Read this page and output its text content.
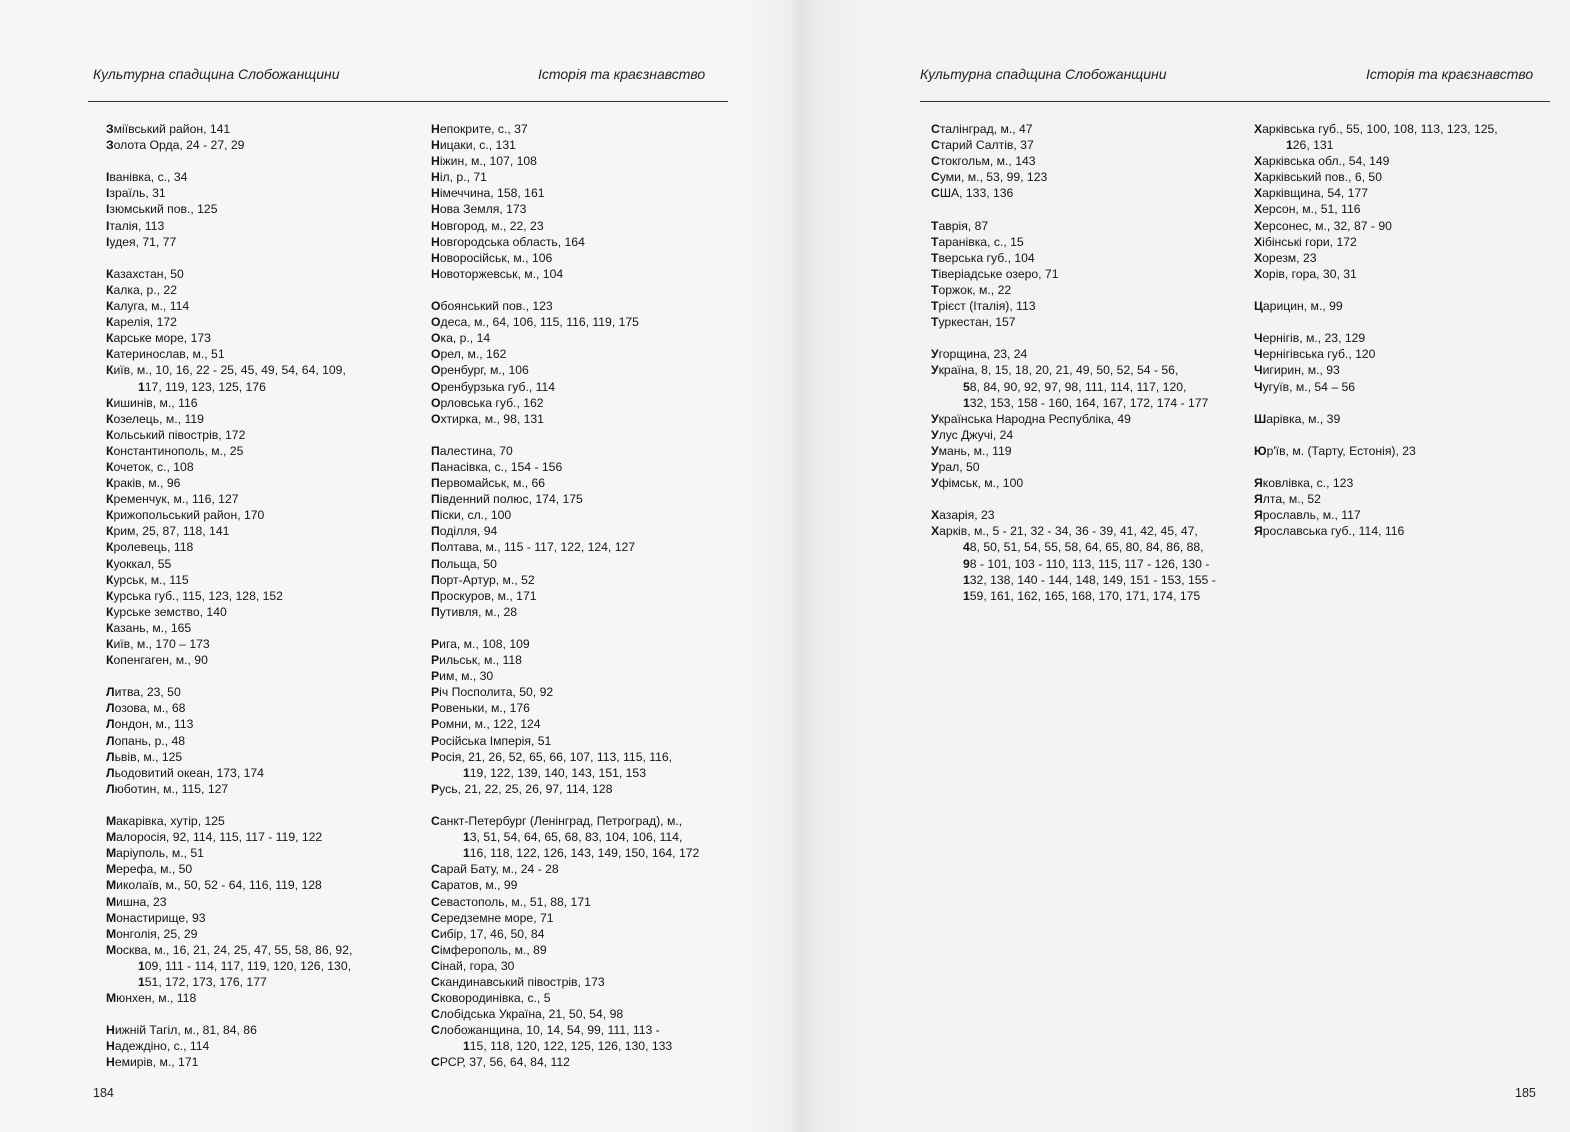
Культурна спадщина Слобожанщини	Історія та краєзнавство
Зміївський район, 141
Золота Орда, 24 - 27, 29
Іванівка, с., 34
Ізраїль, 31
Ізюмський пов., 125
Італія, 113
Іудея, 71, 77
Казахстан, 50
Калка, р., 22
Калуга, м., 114
Карелія, 172
Карське море, 173
Катеринослав, м., 51
Київ, м., 10, 16, 22 - 25, 45, 49, 54, 64, 109,
117, 119, 123, 125, 176
Кишинів, м., 116
Козелець, м., 119
Кольський півострів, 172
Константинополь, м., 25
Кочеток, с., 108
Краків, м., 96
Кременчук, м., 116, 127
Крижопольський район, 170
Крим, 25, 87, 118, 141
Кролевець, 118
Куоккал, 55
Курськ, м., 115
Курська губ., 115, 123, 128, 152
Курське земство, 140
Казань, м., 165
Київ, м., 170 – 173
Копенгаген, м., 90
Литва, 23, 50
Лозова, м., 68
Лондон, м., 113
Лопань, р., 48
Львів, м., 125
Льодовитий океан, 173, 174
Люботин, м., 115, 127
Макарівка, хутір, 125
Малоросія, 92, 114, 115, 117 - 119, 122
Маріуполь, м., 51
Мерефа, м., 50
Миколаїв, м., 50, 52 - 64, 116, 119, 128
Мишна, 23
Монастирище, 93
Монголія, 25, 29
Москва, м., 16, 21, 24, 25, 47, 55, 58, 86, 92,
109, 111 - 114, 117, 119, 120, 126, 130,
151, 172, 173, 176, 177
Мюнхен, м., 118
Нижній Тагіл, м., 81, 84, 86
Надеждіно, с., 114
Немирів, м., 171
Непокрите, с., 37
Ницаки, с., 131
Ніжин, м., 107, 108
Ніл, р., 71
Німеччина, 158, 161
Нова Земля, 173
Новгород, м., 22, 23
Новгородська область, 164
Новоросійськ, м., 106
Новоторжевськ, м., 104
Обоянський пов., 123
Одеса, м., 64, 106, 115, 116, 119, 175
Ока, р., 14
Орел, м., 162
Оренбург, м., 106
Оренбурзька губ., 114
Орловська губ., 162
Охтирка, м., 98, 131
Палестина, 70
Панасівка, с., 154 - 156
Первомайськ, м., 66
Південний полюс, 174, 175
Піски, сл., 100
Поділля, 94
Полтава, м., 115 - 117, 122, 124, 127
Польща, 50
Порт-Артур, м., 52
Проскуров, м., 171
Путивля, м., 28
Рига, м., 108, 109
Рильськ, м., 118
Рим, м., 30
Річ Посполита, 50, 92
Ровеньки, м., 176
Ромни, м., 122, 124
Російська Імперія, 51
Росія, 21, 26, 52, 65, 66, 107, 113, 115, 116,
119, 122, 139, 140, 143, 151, 153
Русь, 21, 22, 25, 26, 97, 114, 128
Санкт-Петербург (Ленінград, Петроград), м.,
13, 51, 54, 64, 65, 68, 83, 104, 106, 114,
116, 118, 122, 126, 143, 149, 150, 164, 172
Сарай Бату, м., 24 - 28
Саратов, м., 99
Севастополь, м., 51, 88, 171
Середземне море, 71
Сибір, 17, 46, 50, 84
Сімферополь, м., 89
Сінай, гора, 30
Скандинавський півострів, 173
Сковородинівка, с., 5
Слобідська Україна, 21, 50, 54, 98
Слобожанщина, 10, 14, 54, 99, 111, 113 -
115, 118, 120, 122, 125, 126, 130, 133
СРСР, 37, 56, 64, 84, 112
184
Культурна спадщина Слобожанщини	Історія та краєзнавство
Сталінград, м., 47
Старий Салтів, 37
Стокгольм, м., 143
Суми, м., 53, 99, 123
США, 133, 136
Таврія, 87
Таранівка, с., 15
Тверська губ., 104
Тіверіадське озеро, 71
Торжок, м., 22
Трієст (Італія), 113
Туркестан, 157
Угорщина, 23, 24
Україна, 8, 15, 18, 20, 21, 49, 50, 52, 54 - 56,
58, 84, 90, 92, 97, 98, 111, 114, 117, 120,
132, 153, 158 - 160, 164, 167, 172, 174 - 177
Українська Народна Республіка, 49
Улус Джучі, 24
Умань, м., 119
Урал, 50
Уфімськ, м., 100
Хазарія, 23
Харків, м., 5 - 21, 32 - 34, 36 - 39, 41, 42, 45, 47,
48, 50, 51, 54, 55, 58, 64, 65, 80, 84, 86, 88,
98 - 101, 103 - 110, 113, 115, 117 - 126, 130 -
132, 138, 140 - 144, 148, 149, 151 - 153, 155 -
159, 161, 162, 165, 168, 170, 171, 174, 175
Харківська губ., 55, 100, 108, 113, 123, 125,
126, 131
Харківська обл., 54, 149
Харківський пов., 6, 50
Харківщина, 54, 177
Херсон, м., 51, 116
Херсонес, м., 32, 87 - 90
Хібінські гори, 172
Хорезм, 23
Хорів, гора, 30, 31
Царицин, м., 99
Чернігів, м., 23, 129
Чернігівська губ., 120
Чигирин, м., 93
Чугуїв, м., 54 – 56
Шарівка, м., 39
Юр'їв, м. (Тарту, Естонія), 23
Яковлівка, с., 123
Ялта, м., 52
Ярославль, м., 117
Ярославська губ., 114, 116
185
